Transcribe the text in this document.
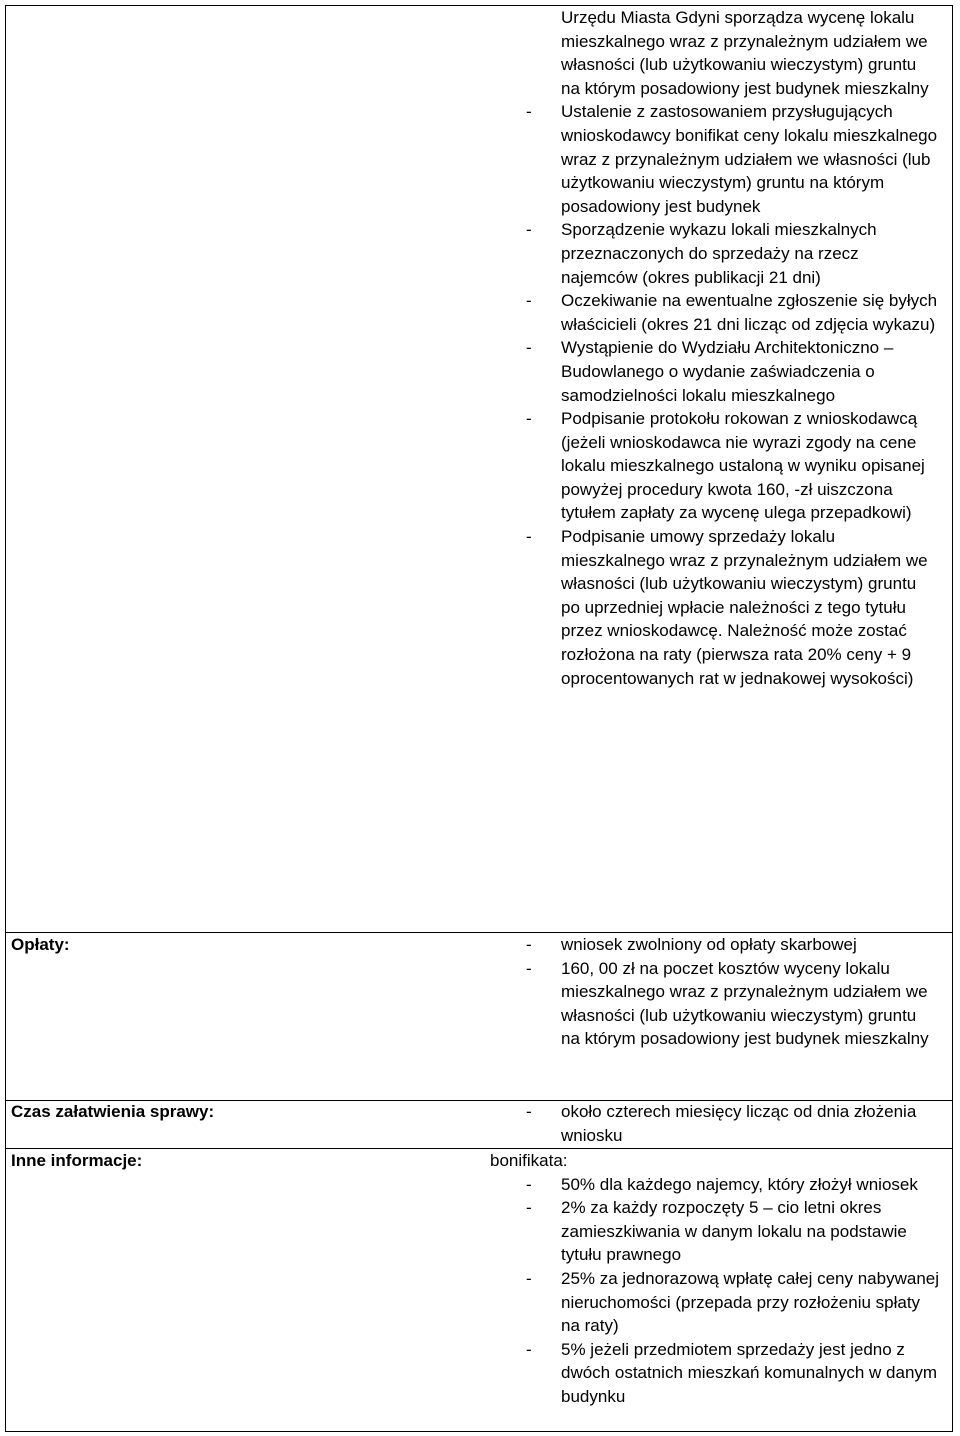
Urzędu Miasta Gdyni sporządza wycenę lokalu mieszkalnego wraz z przynależnym udziałem we własności (lub użytkowaniu wieczystym) gruntu na którym posadowiony jest budynek mieszkalny
- Ustalenie z zastosowaniem przysługujących wnioskodawcy bonifikat ceny lokalu mieszkalnego wraz z przynależnym udziałem we własności (lub użytkowaniu wieczystym) gruntu na którym posadowiony jest budynek
- Sporządzenie wykazu lokali mieszkalnych przeznaczonych do sprzedaży na rzecz najemców (okres publikacji 21 dni)
- Oczekiwanie na ewentualne zgłoszenie się byłych właścicieli (okres 21 dni licząc od zdjęcia wykazu)
- Wystąpienie do Wydziału Architektoniczno – Budowlanego o wydanie zaświadczenia o samodzielności lokalu mieszkalnego
- Podpisanie protokołu rokowan z wnioskodawcą (jeżeli wnioskodawca nie wyrazi zgody na cene lokalu mieszkalnego ustaloną w wyniku opisanej powyżej procedury kwota 160, -zł uiszczona tytułem zapłaty za wycenę ulega przepadkowi)
- Podpisanie umowy sprzedaży lokalu mieszkalnego wraz z przynależnym udziałem we własności (lub użytkowaniu wieczystym) gruntu po uprzedniej wpłacie należności z tego tytułu przez wnioskodawcę. Należność może zostać rozłożona na raty (pierwsza rata 20% ceny + 9 oprocentowanych rat w jednakowej wysokości)
Opłaty:	- wniosek zwolniony od opłaty skarbowej
- 160, 00 zł na poczet kosztów wyceny lokalu mieszkalnego wraz z przynależnym udziałem we własności (lub użytkowaniu wieczystym) gruntu na którym posadowiony jest budynek mieszkalny
Czas załatwienia sprawy:	- około czterech miesięcy licząc od dnia złożenia wniosku
Inne informacje:	bonifikata:
- 50% dla każdego najemcy, który złożył wniosek
- 2% za każdy rozpoczęty 5 – cio letni okres zamieszkiwania w danym lokalu na podstawie tytułu prawnego
- 25% za jednorazową wpłatę całej ceny nabywanej nieruchomości (przepada przy rozłożeniu spłaty na raty)
- 5% jeżeli przedmiotem sprzedaży jest jedno z dwóch ostatnich mieszkań komunalnych w danym budynku
